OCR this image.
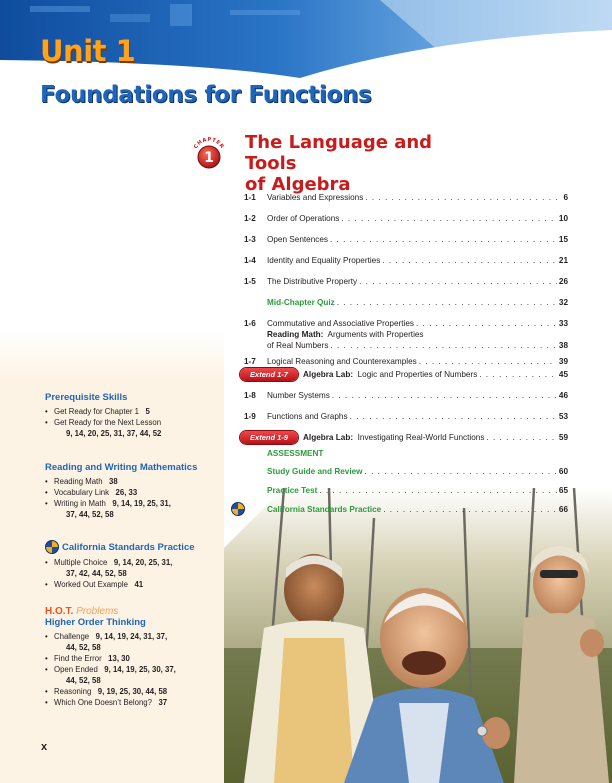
Unit 1
Foundations for Functions
Prerequisite Skills
• Get Ready for Chapter 1 5
• Get Ready for the Next Lesson
9, 14, 20, 25, 31, 37, 44, 52
Reading and Writing Mathematics
• Reading Math 38
• Vocabulary Link 26, 33
• Writing in Math 9, 14, 19, 25, 31,
37, 44, 52, 58
California Standards Practice
• Multiple Choice 9, 14, 20, 25, 31,
37, 42, 44, 52, 58
• Worked Out Example 41
H.O.T. Problems
Higher Order Thinking
• Challenge 9, 14, 19, 24, 31, 37,
44, 52, 58
• Find the Error 13, 30
• Open Ended 9, 14, 19, 25, 30, 37,
44, 52, 58
• Reasoning 9, 19, 25, 30, 44, 58
• Which One Doesn’t Belong? 37
x
CHAPTER
1
The Language and Tools
of Algebra
1-1 Variables and Expressions . . .	6
1-2 Order of Operations . . .	10
1-3 Open Sentences . . .	15
1-4 Identity and Equality Properties . . .	21
1-5 The Distributive Property . . .	26
Mid-Chapter Quiz . . .	32
1-6 Commutative and Associative Properties . . .	33
Reading Math: Arguments with Properties
of Real Numbers . . .	38
1-7 Logical Reasoning and Counterexamples . . .	39
Extend 1-7	Algebra Lab: Logic and Properties of Numbers . . .	45
1-8 Number Systems . . .	46
1-9 Functions and Graphs . . .	53
Extend 1-9	Algebra Lab: Investigating Real-World Functions . . .	59
ASSESSMENT
Study Guide and Review . . .	60
Practice Test . . .	65
California Standards Practice . . .	66
